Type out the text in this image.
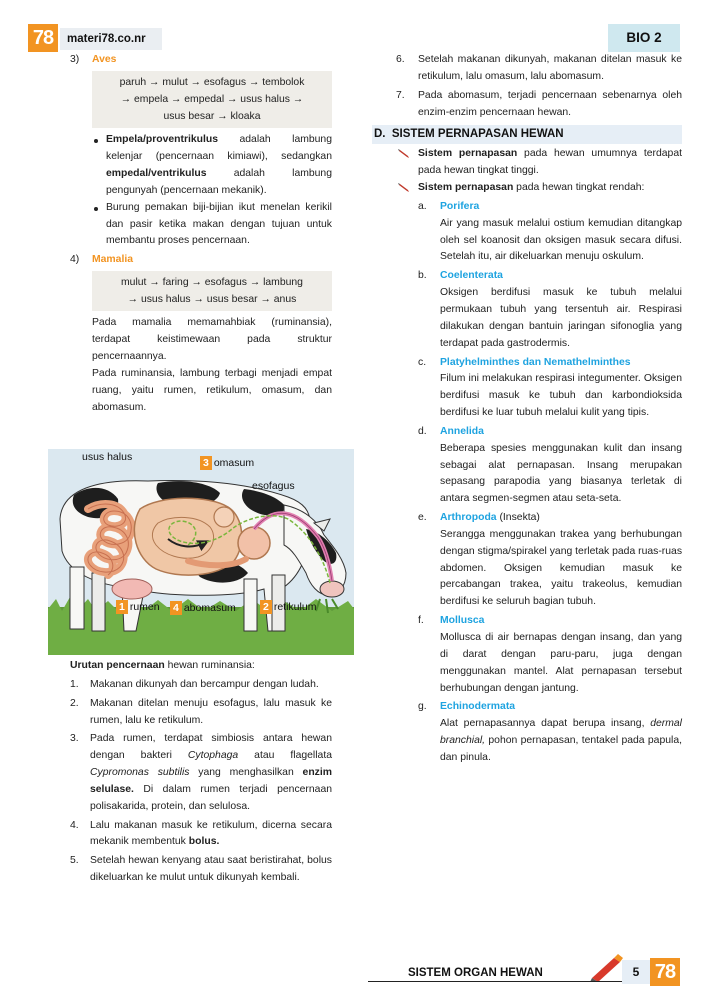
78	materi78.co.nr	BIO 2
3)	Aves
paruh → mulut → esofagus → tembolok
→ empela → empedal → usus halus →
usus besar → kloaka
Empela/proventrikulus adalah lambung kelenjar (pencernaan kimiawi), sedangkan empedal/ventrikulus adalah lambung pengunyah (pencernaan mekanik).
Burung pemakan biji-bijian ikut menelan kerikil dan pasir ketika makan dengan tujuan untuk membantu proses pencernaan.
4)	Mamalia
mulut → faring → esofagus → lambung
→ usus halus → usus besar → anus
Pada mamalia memamahbiak (ruminansia), terdapat keistimewaan pada struktur pencernaannya.
Pada ruminansia, lambung terbagi menjadi empat ruang, yaitu rumen, retikulum, omasum, dan abomasum.
usus halus	3 omasum
esofagus
1 rumen 4 abomasum	2 retikulum
Urutan pencernaan hewan ruminansia:
1. Makanan dikunyah dan bercampur dengan ludah.
2. Makanan ditelan menuju esofagus, lalu masuk ke rumen, lalu ke retikulum.
3. Pada rumen, terdapat simbiosis antara hewan dengan bakteri Cytophaga atau flagellata Cypromonas subtilis yang menghasilkan enzim selulase. Di dalam rumen terjadi pencernaan polisakarida, protein, dan selulosa.
4. Lalu makanan masuk ke retikulum, dicerna secara mekanik membentuk bolus.
5. Setelah hewan kenyang atau saat beristirahat, bolus dikeluarkan ke mulut untuk dikunyah kembali.
6. Setelah makanan dikunyah, makanan ditelan masuk ke retikulum, lalu omasum, lalu abomasum.
7. Pada abomasum, terjadi pencernaan sebenarnya oleh enzim-enzim pencernaan hewan.
D. SISTEM PERNAPASAN HEWAN
Sistem pernapasan pada hewan umumnya terdapat pada hewan tingkat tinggi.
Sistem pernapasan pada hewan tingkat rendah:
a. Porifera
Air yang masuk melalui ostium kemudian ditangkap oleh sel koanosit dan oksigen masuk secara difusi. Setelah itu, air dikeluarkan menuju oskulum.
b. Coelenterata
Oksigen berdifusi masuk ke tubuh melalui permukaan tubuh yang tersentuh air. Respirasi dilakukan dengan bantuin jaringan sifonoglia yang terdapat pada gastrodermis.
c. Platyhelminthes dan Nemathelminthes
Filum ini melakukan respirasi integumenter. Oksigen berdifusi masuk ke tubuh dan karbondioksida berdifusi ke luar tubuh melalui kulit yang tipis.
d. Annelida
Beberapa spesies menggunakan kulit dan insang sebagai alat pernapasan. Insang merupakan sepasang parapodia yang biasanya terletak di antara segmen-segmen atau seta-seta.
e. Arthropoda (Insekta)
Serangga menggunakan trakea yang berhubungan dengan stigma/spirakel yang terletak pada ruas-ruas abdomen. Oksigen kemudian masuk ke percabangan trakea, yaitu trakeolus, kemudian berdifusi ke seluruh bagian tubuh.
f. Mollusca
Mollusca di air bernapas dengan insang, dan yang di darat dengan paru-paru, juga dengan menggunakan mantel. Alat pernapasan tersebut berhubungan dengan jantung.
g. Echinodermata
Alat pernapasannya dapat berupa insang, dermal branchial, pohon pernapasan, tentakel pada papula, dan pinula.
SISTEM ORGAN HEWAN	5 78
